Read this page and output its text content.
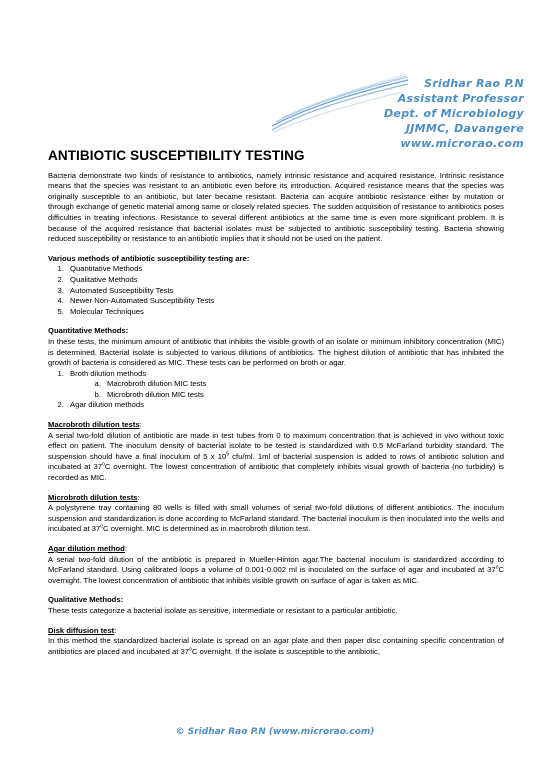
Sridhar Rao P.N
Assistant Professor
Dept. of Microbiology
JJMMC, Davangere
www.microrao.com
ANTIBIOTIC SUSCEPTIBILITY TESTING

Bacteria demonstrate two kinds of resistance to antibiotics, namely intrinsic resistance and acquired resistance. Intrinsic resistance means that the species was resistant to an antibiotic even before its introduction. Acquired resistance means that the species was originally susceptible to an antibiotic, but later became resistant. Bacteria can acquire antibiotic resistance either by mutation or through exchange of genetic material among same or closely related species. The sudden acquisition of resistance to antibiotics poses difficulties in treating infections. Resistance to several different antibiotics at the same time is even more significant problem. It is because of the acquired resistance that bacterial isolates must be subjected to antibiotic susceptibility testing. Bacteria showing reduced susceptibility or resistance to an antibiotic implies that it should not be used on the patient.

Various methods of antibiotic susceptibility testing are:
1. Quantitative Methods
2. Qualitative Methods
3. Automated Susceptibility Tests
4. Newer Non-Automated Susceptibility Tests
5. Molecular Techniques
Quantitative Methods:

In these tests, the minimum amount of antibiotic that inhibits the visible growth of an isolate or minimum inhibitory concentration (MIC) is determined. Bacterial isolate is subjected to various dilutions of antibiotics. The highest dilution of antibiotic that has inhibited the growth of bacteria is considered as MIC. These tests can be performed on broth or agar.

1. Broth dilution methods
a. Macrobroth dilution MIC tests
b. Microbroth dilution MIC tests
2. Agar dilution methods
Macrobroth dilution tests:

A serial two-fold dilution of antibiotic are made in test tubes from 0 to maximum concentration that is achieved in vivo without toxic effect on patient. The inoculum density of bacterial isolate to be tested is standardized with 0.5 McFarland turbidity standard. The suspension should have a final inoculum of 5 x $10^5$ cfu/ml. 1ml of bacterial suspension is added to rows of antibiotic solution and incubated at 37$^o$C overnight. The lowest concentration of antibiotic that completely inhibits visual growth of bacteria (no turbidity) is recorded as MIC.

Microbroth dilution tests:

A polystyrene tray containing 80 wells is filled with small volumes of serial two-fold dilutions of different antibiotics. The inoculum suspension and standardization is done according to McFarland standard. The bacterial inoculum is then inoculated into the wells and incubated at 37$^o$C overnight. MIC is determined as in macrobroth dilution test.

Agar dilution method:

A serial two-fold dilution of the antibiotic is prepared in Mueller-Hinton agar.The bacterial inoculum is standardized according to McFarland standard. Using calibrated loops a volume of 0.001-0.002 ml is inoculated on the surface of agar and incubated at 37$^o$C overnight. The lowest concentration of antibiotic that inhibits visible growth on surface of agar is taken as MIC.

Qualitative Methods:

These tests categorize a bacterial isolate as sensitive, intermediate or resistant to a particular antibiotic.

Disk diffusion test:

In this method the standardized bacterial isolate is spread on an agar plate and then paper disc containing specific concentration of antibiotics are placed and incubated at 37$^o$C overnight. If the isolate is susceptible to the antibiotic,

© Sridhar Rao P.N (www.microrao.com)
